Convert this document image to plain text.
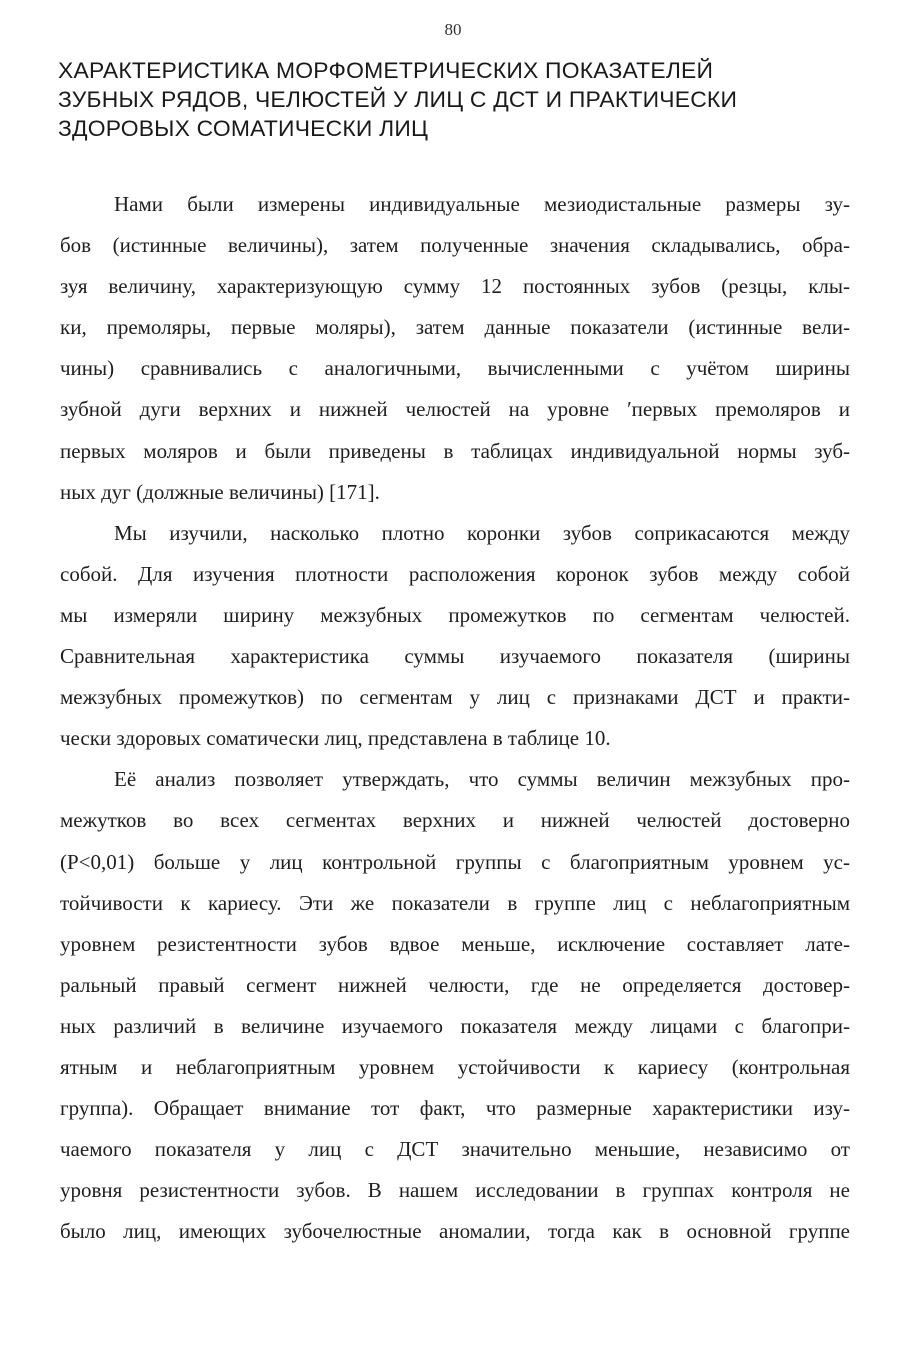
80
ХАРАКТЕРИСТИКА МОРФОМЕТРИЧЕСКИХ ПОКАЗАТЕЛЕЙ
ЗУБНЫХ РЯДОВ, ЧЕЛЮСТЕЙ У ЛИЦ С ДСТ И ПРАКТИЧЕСКИ
ЗДОРОВЫХ СОМАТИЧЕСКИ ЛИЦ
Нами были измерены индивидуальные мезиодистальные размеры зу-
бов (истинные величины), затем полученные значения складывались, обра-
зуя величину, характеризующую сумму 12 постоянных зубов (резцы, клы-
ки, премоляры, первые моляры), затем данные показатели (истинные вели-
чины) сравнивались с аналогичными, вычисленными с учётом ширины
зубной дуги верхних и нижней челюстей на уровне ʹпервых премоляров и
первых моляров и были приведены в таблицах индивидуальной нормы зуб-
ных дуг (должные величины) [171].
Мы изучили, насколько плотно коронки зубов соприкасаются между
собой. Для изучения плотности расположения коронок зубов между собой
мы измеряли ширину межзубных промежутков по сегментам челюстей.
Сравнительная характеристика суммы изучаемого показателя (ширины
межзубных промежутков) по сегментам у лиц с признаками ДСТ и практи-
чески здоровых соматически лиц, представлена в таблице 10.
Её анализ позволяет утверждать, что суммы величин межзубных про-
межутков во всех сегментах верхних и нижней челюстей достоверно
(P<0,01) больше у лиц контрольной группы с благоприятным уровнем ус-
тойчивости к кариесу. Эти же показатели в группе лиц с неблагоприятным
уровнем резистентности зубов вдвое меньше, исключение составляет лате-
ральный правый сегмент нижней челюсти, где не определяется достовер-
ных различий в величине изучаемого показателя между лицами с благопри-
ятным и неблагоприятным уровнем устойчивости к кариесу (контрольная
группа). Обращает внимание тот факт, что размерные характеристики изу-
чаемого показателя у лиц с ДСТ значительно меньшие, независимо от
уровня резистентности зубов. В нашем исследовании в группах контроля не
было лиц, имеющих зубочелюстные аномалии, тогда как в основной группе
